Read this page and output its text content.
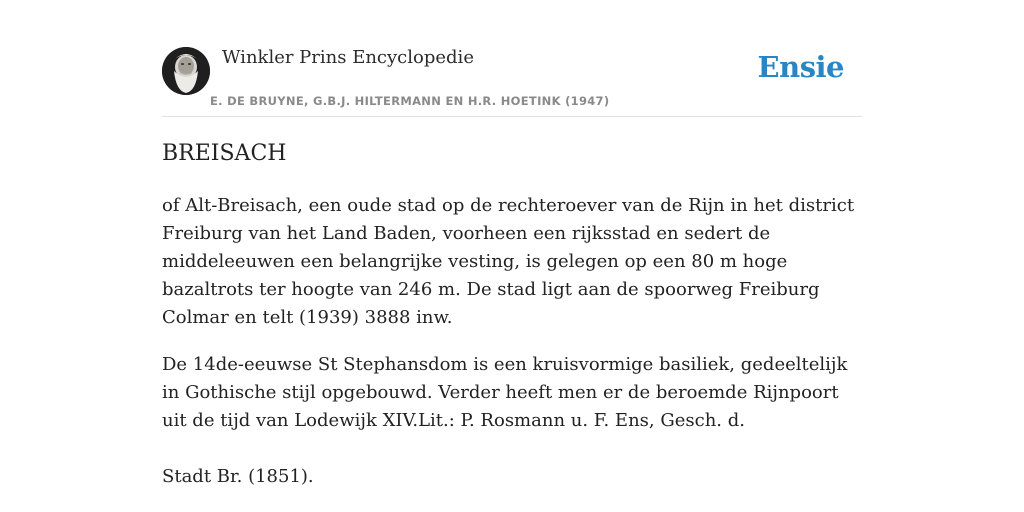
Winkler Prins Encyclopedie
E. DE BRUYNE, G.B.J. HILTERMANN EN H.R. HOETINK (1947)
Ensie
BREISACH

of Alt-Breisach, een oude stad op de rechteroever van de Rijn in het district Freiburg van het Land Baden, voorheen een rijksstad en sedert de middeleeuwen een belangrijke vesting, is gelegen op een 80 m hoge bazaltrots ter hoogte van 246 m. De stad ligt aan de spoorweg Freiburg Colmar en telt (1939) 3888 inw.

De 14de-eeuwse St Stephansdom is een kruisvormige basiliek, gedeeltelijk in Gothische stijl opgebouwd. Verder heeft men er de beroemde Rijnpoort uit de tijd van Lodewijk XIV.Lit.: P. Rosmann u. F. Ens, Gesch. d.

Stadt Br. (1851).
